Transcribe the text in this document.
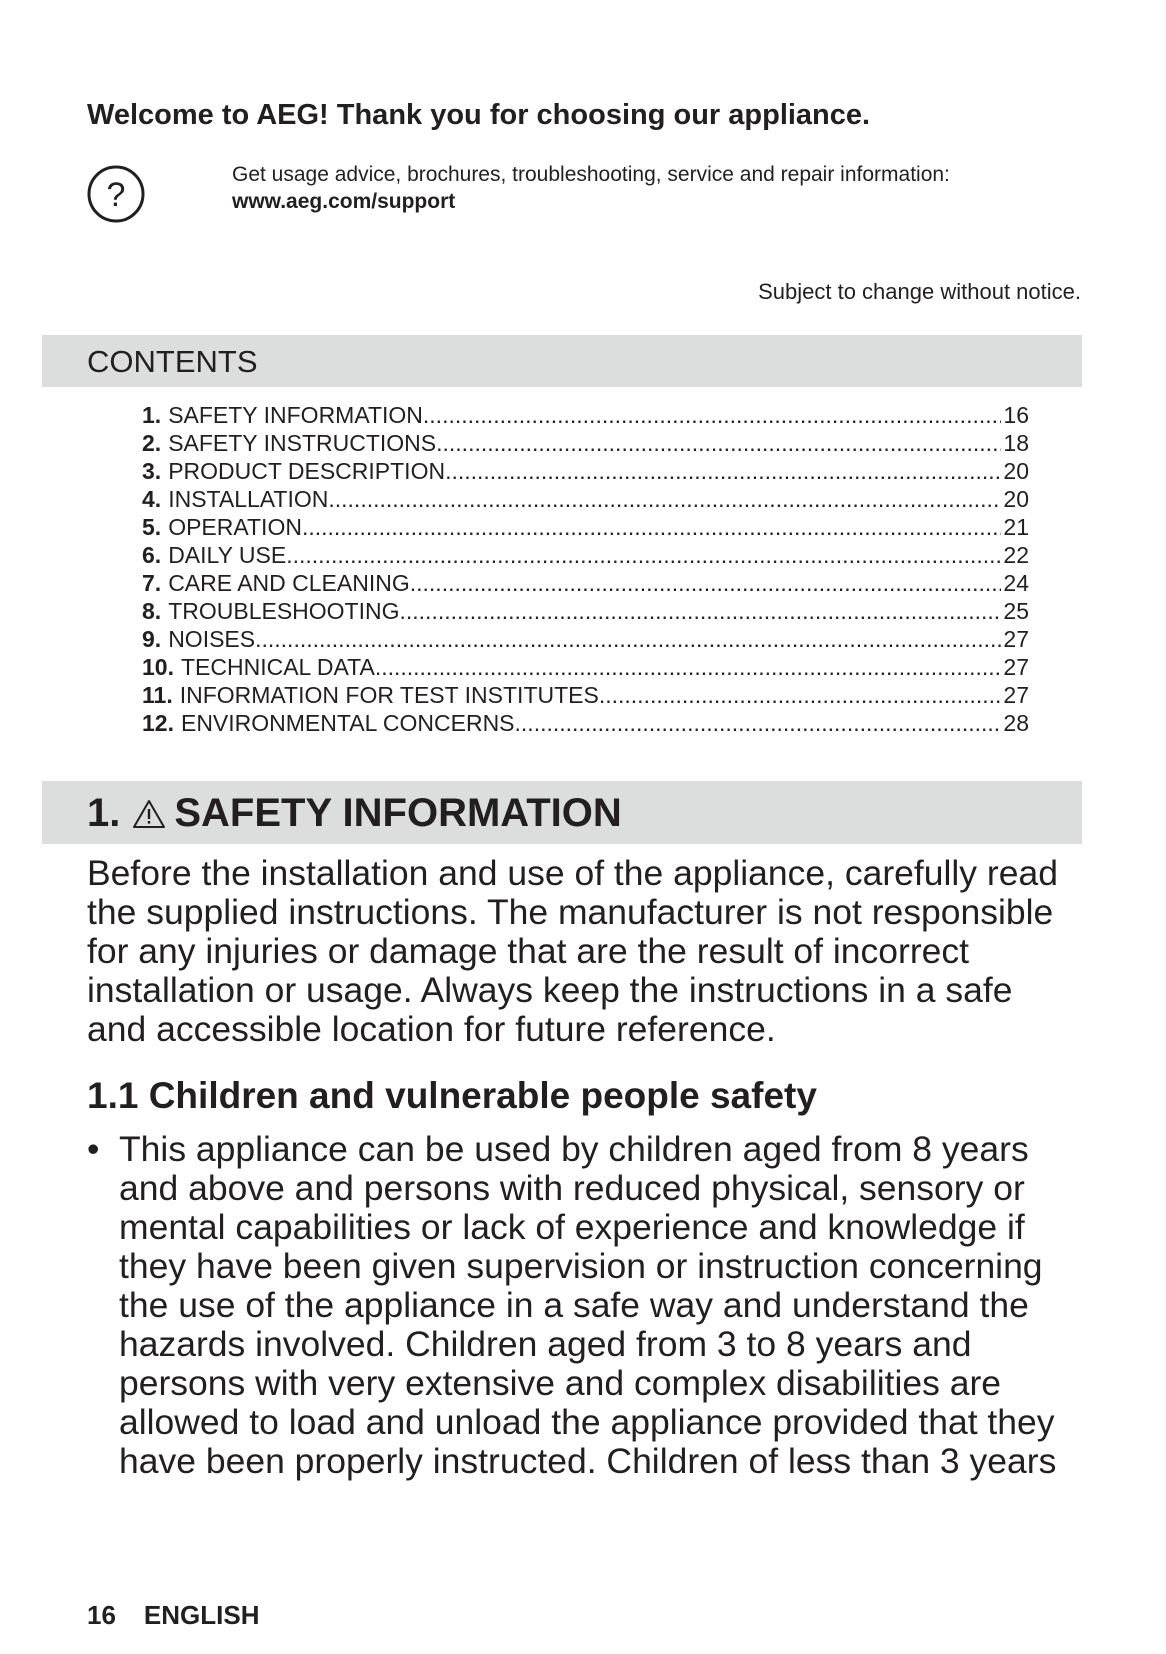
Welcome to AEG! Thank you for choosing our appliance.
?
Get usage advice, brochures, troubleshooting, service and repair information:
www.aeg.com/support
Subject to change without notice.
CONTENTS
1. SAFETY INFORMATION .....	16
2. SAFETY INSTRUCTIONS .....	18
3. PRODUCT DESCRIPTION .....	20
4. INSTALLATION .....	20
5. OPERATION .....	21
6. DAILY USE .....	22
7. CARE AND CLEANING .....	24
8. TROUBLESHOOTING .....	25
9. NOISES .....	27
10. TECHNICAL DATA .....	27
11. INFORMATION FOR TEST INSTITUTES .....	27
12. ENVIRONMENTAL CONCERNS .....	28
1. SAFETY INFORMATION

Before the installation and use of the appliance, carefully read
the supplied instructions. The manufacturer is not responsible
for any injuries or damage that are the result of incorrect
installation or usage. Always keep the instructions in a safe
and accessible location for future reference.

1.1 Children and vulnerable people safety
• This appliance can be used by children aged from 8 years
and above and persons with reduced physical, sensory or
mental capabilities or lack of experience and knowledge if
they have been given supervision or instruction concerning
the use of the appliance in a safe way and understand the
hazards involved. Children aged from 3 to 8 years and
persons with very extensive and complex disabilities are
allowed to load and unload the appliance provided that they
have been properly instructed. Children of less than 3 years
16 ENGLISH
